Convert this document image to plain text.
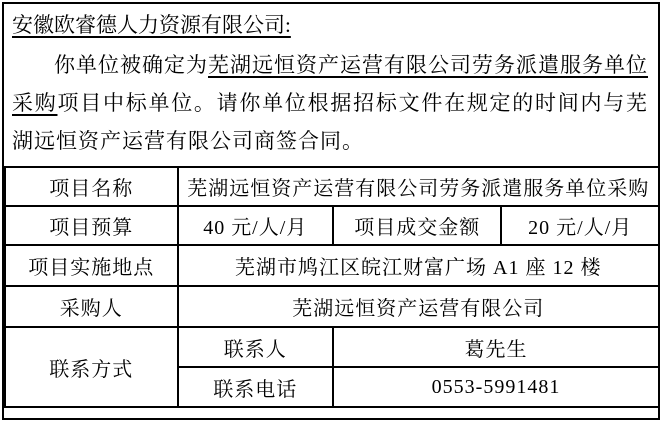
安徽欧睿德人力资源有限公司:

你单位被确定为芜湖远恒资产运营有限公司劳务派遣服务单位采购项目中标单位。请你单位根据招标文件在规定的时间内与芜湖远恒资产运营有限公司商签合同。

项目名称	芜湖远恒资产运营有限公司劳务派遣服务单位采购		
项目预算	40 元/人/月	项目成交金额	20 元/人/月
项目实施地点	芜湖市鸠江区皖江财富广场 A1 座 12 楼		
采购人	芜湖远恒资产运营有限公司		
联系方式	联系人	葛先生	
	联系电话	0553-5991481	
